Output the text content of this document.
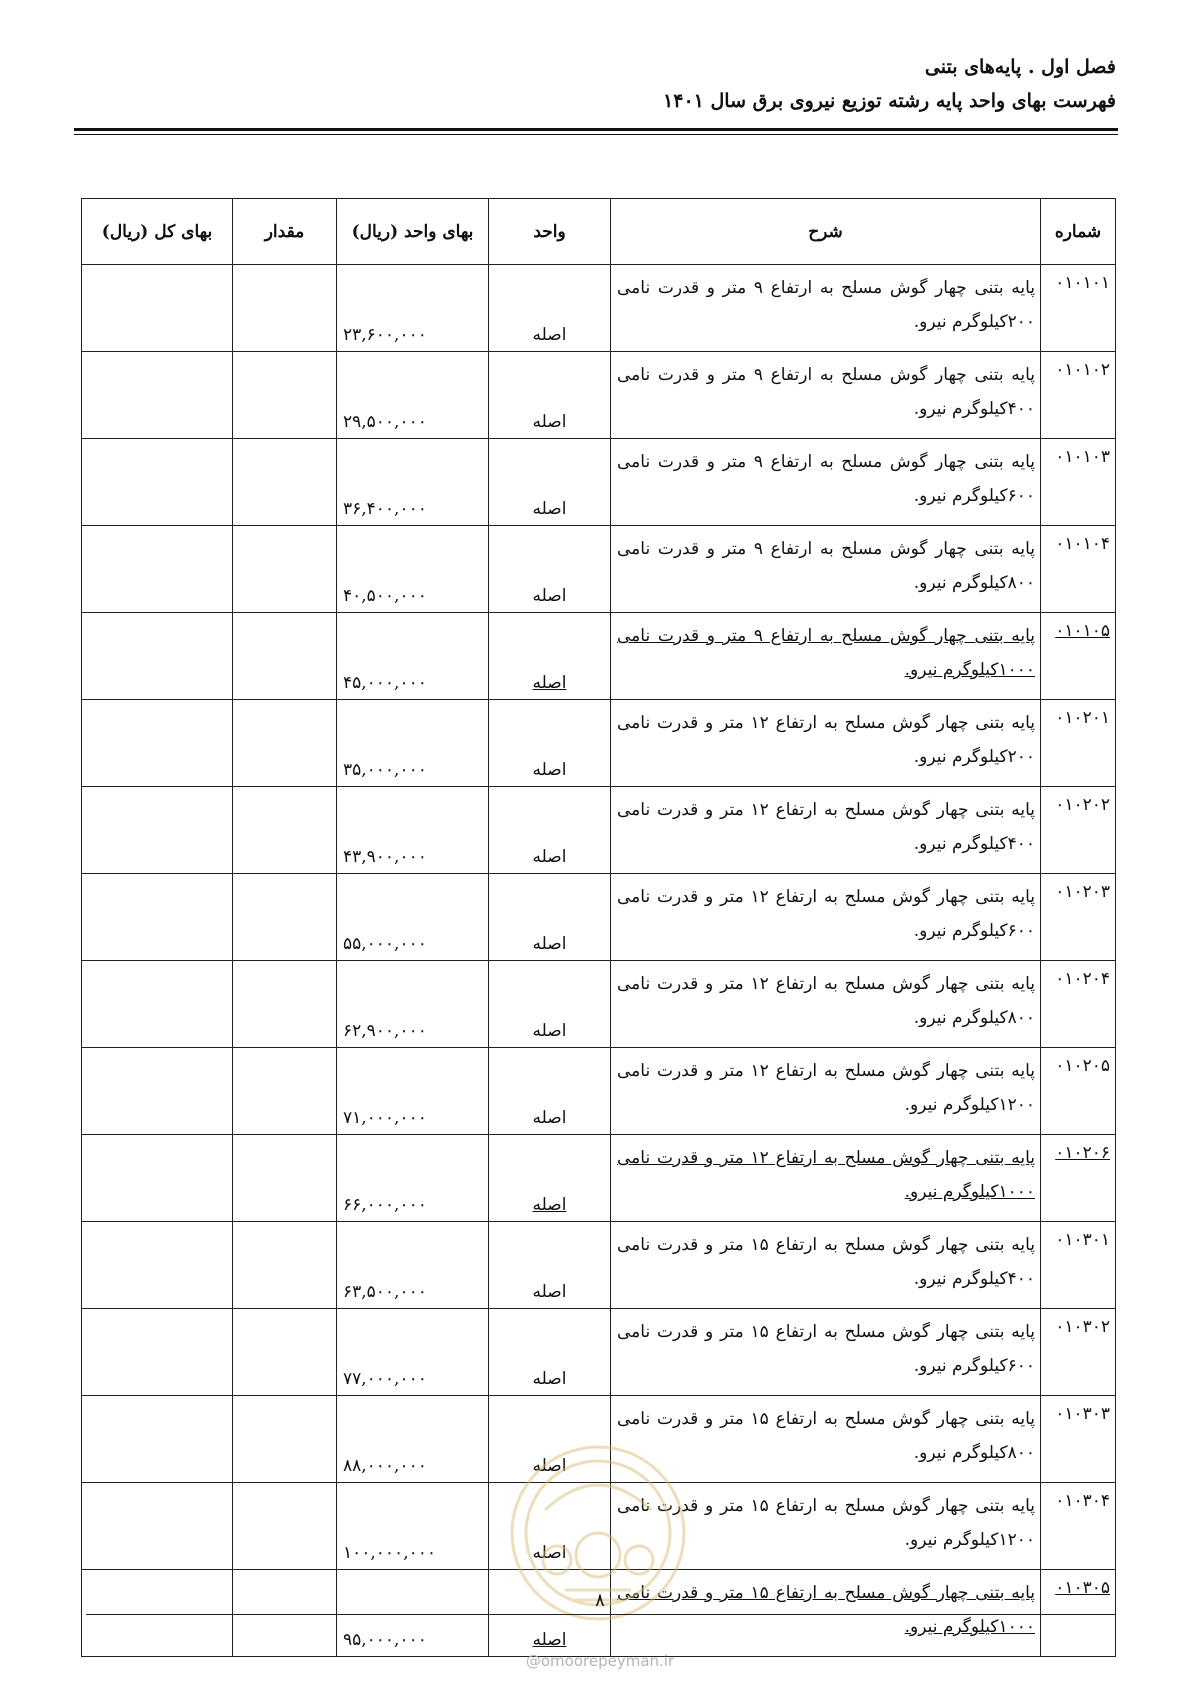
فصل اول . پایه‌های بتنی
فهرست بهای واحد پایه رشته توزیع نیروی برق سال ۱۴۰۱
شماره	شرح	واحد	بهای واحد (ریال)	مقدار	بهای کل (ریال)
۰۱۰۱۰۱	پایه بتنی چهار گوش مسلح به ارتفاع ۹ متر و قدرت نامی ۲۰۰کیلوگرم نیرو.	اصله	۲۳,۶۰۰,۰۰۰		
۰۱۰۱۰۲	پایه بتنی چهار گوش مسلح به ارتفاع ۹ متر و قدرت نامی ۴۰۰کیلوگرم نیرو.	اصله	۲۹,۵۰۰,۰۰۰		
۰۱۰۱۰۳	پایه بتنی چهار گوش مسلح به ارتفاع ۹ متر و قدرت نامی ۶۰۰کیلوگرم نیرو.	اصله	۳۶,۴۰۰,۰۰۰		
۰۱۰۱۰۴	پایه بتنی چهار گوش مسلح به ارتفاع ۹ متر و قدرت نامی ۸۰۰کیلوگرم نیرو.	اصله	۴۰,۵۰۰,۰۰۰		
۰۱۰۱۰۵	پایه بتنی چهار گوش مسلح به ارتفاع ۹ متر و قدرت نامی ۱۰۰۰کیلوگرم نیرو.	اصله	۴۵,۰۰۰,۰۰۰		
۰۱۰۲۰۱	پایه بتنی چهار گوش مسلح به ارتفاع ۱۲ متر و قدرت نامی ۲۰۰کیلوگرم نیرو.	اصله	۳۵,۰۰۰,۰۰۰		
۰۱۰۲۰۲	پایه بتنی چهار گوش مسلح به ارتفاع ۱۲ متر و قدرت نامی ۴۰۰کیلوگرم نیرو.	اصله	۴۳,۹۰۰,۰۰۰		
۰۱۰۲۰۳	پایه بتنی چهار گوش مسلح به ارتفاع ۱۲ متر و قدرت نامی ۶۰۰کیلوگرم نیرو.	اصله	۵۵,۰۰۰,۰۰۰		
۰۱۰۲۰۴	پایه بتنی چهار گوش مسلح به ارتفاع ۱۲ متر و قدرت نامی ۸۰۰کیلوگرم نیرو.	اصله	۶۲,۹۰۰,۰۰۰		
۰۱۰۲۰۵	پایه بتنی چهار گوش مسلح به ارتفاع ۱۲ متر و قدرت نامی ۱۲۰۰کیلوگرم نیرو.	اصله	۷۱,۰۰۰,۰۰۰		
۰۱۰۲۰۶	پایه بتنی چهار گوش مسلح به ارتفاع ۱۲ متر و قدرت نامی ۱۰۰۰کیلوگرم نیرو.	اصله	۶۶,۰۰۰,۰۰۰		
۰۱۰۳۰۱	پایه بتنی چهار گوش مسلح به ارتفاع ۱۵ متر و قدرت نامی ۴۰۰کیلوگرم نیرو.	اصله	۶۳,۵۰۰,۰۰۰		
۰۱۰۳۰۲	پایه بتنی چهار گوش مسلح به ارتفاع ۱۵ متر و قدرت نامی ۶۰۰کیلوگرم نیرو.	اصله	۷۷,۰۰۰,۰۰۰		
۰۱۰۳۰۳	پایه بتنی چهار گوش مسلح به ارتفاع ۱۵ متر و قدرت نامی ۸۰۰کیلوگرم نیرو.	اصله	۸۸,۰۰۰,۰۰۰		
۰۱۰۳۰۴	پایه بتنی چهار گوش مسلح به ارتفاع ۱۵ متر و قدرت نامی ۱۲۰۰کیلوگرم نیرو.	اصله	۱۰۰,۰۰۰,۰۰۰		
۰۱۰۳۰۵	پایه بتنی چهار گوش مسلح به ارتفاع ۱۵ متر و قدرت نامی ۱۰۰۰کیلوگرم نیرو.	اصله	۹۵,۰۰۰,۰۰۰		
۸
@omoorepeyman.ir
